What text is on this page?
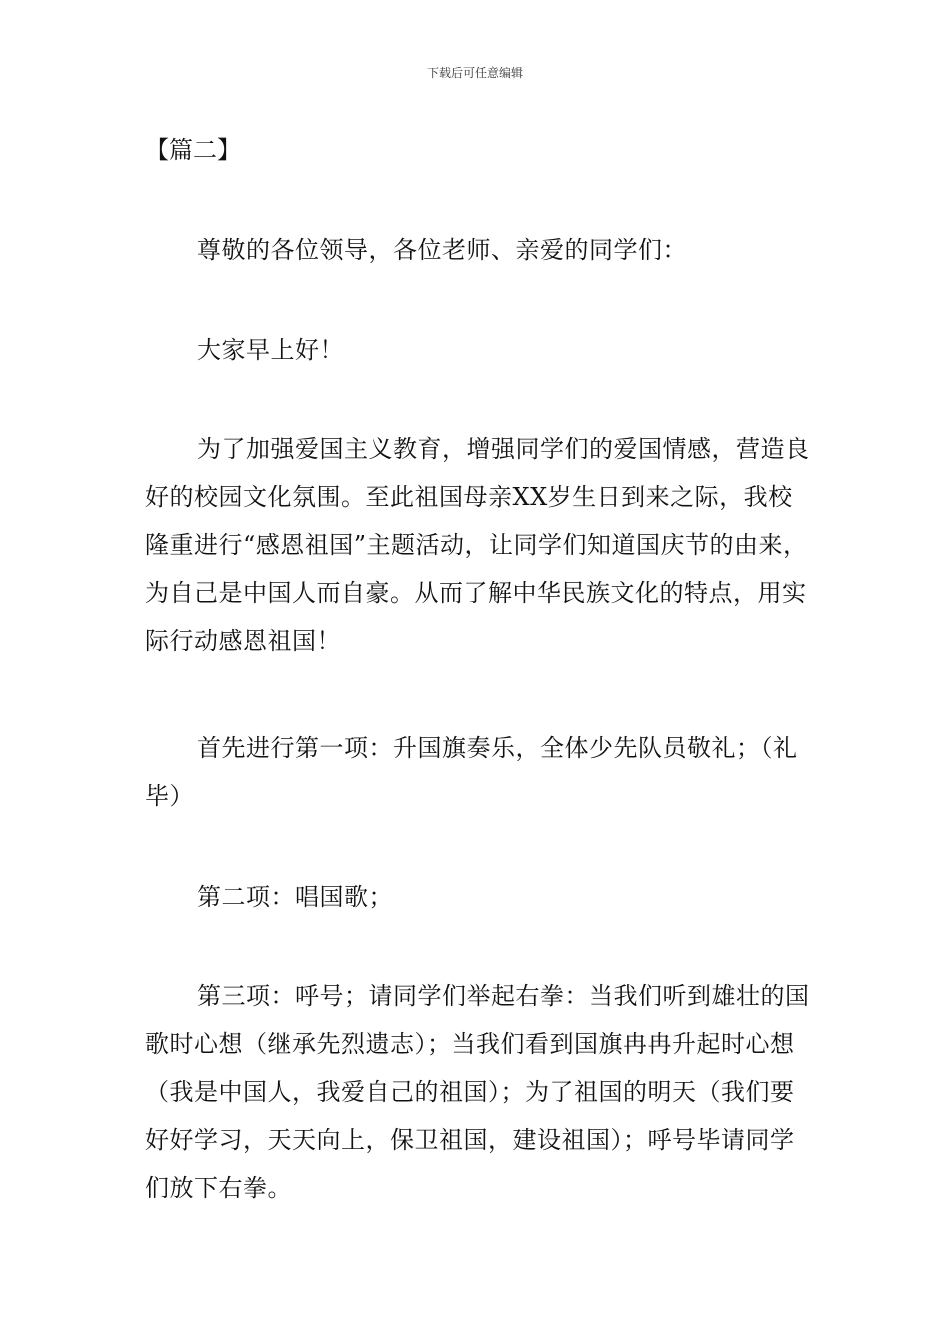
下载后可任意编辑
【篇二】

尊敬的各位领导，各位老师、亲爱的同学们：

大家早上好！

为了加强爱国主义教育，增强同学们的爱国情感，营造良好的校园文化氛围。至此祖国母亲XX岁生日到来之际，我校隆重进行“感恩祖国”主题活动，让同学们知道国庆节的由来，为自己是中国人而自豪。从而了解中华民族文化的特点，用实际行动感恩祖国！

首先进行第一项：升国旗奏乐，全体少先队员敬礼；（礼毕）

第二项：唱国歌；

第三项：呼号；请同学们举起右拳：当我们听到雄壮的国歌时心想（继承先烈遗志）；当我们看到国旗冉冉升起时心想（我是中国人，我爱自己的祖国）；为了祖国的明天（我们要好好学习，天天向上，保卫祖国，建设祖国）；呼号毕请同学们放下右拳。
